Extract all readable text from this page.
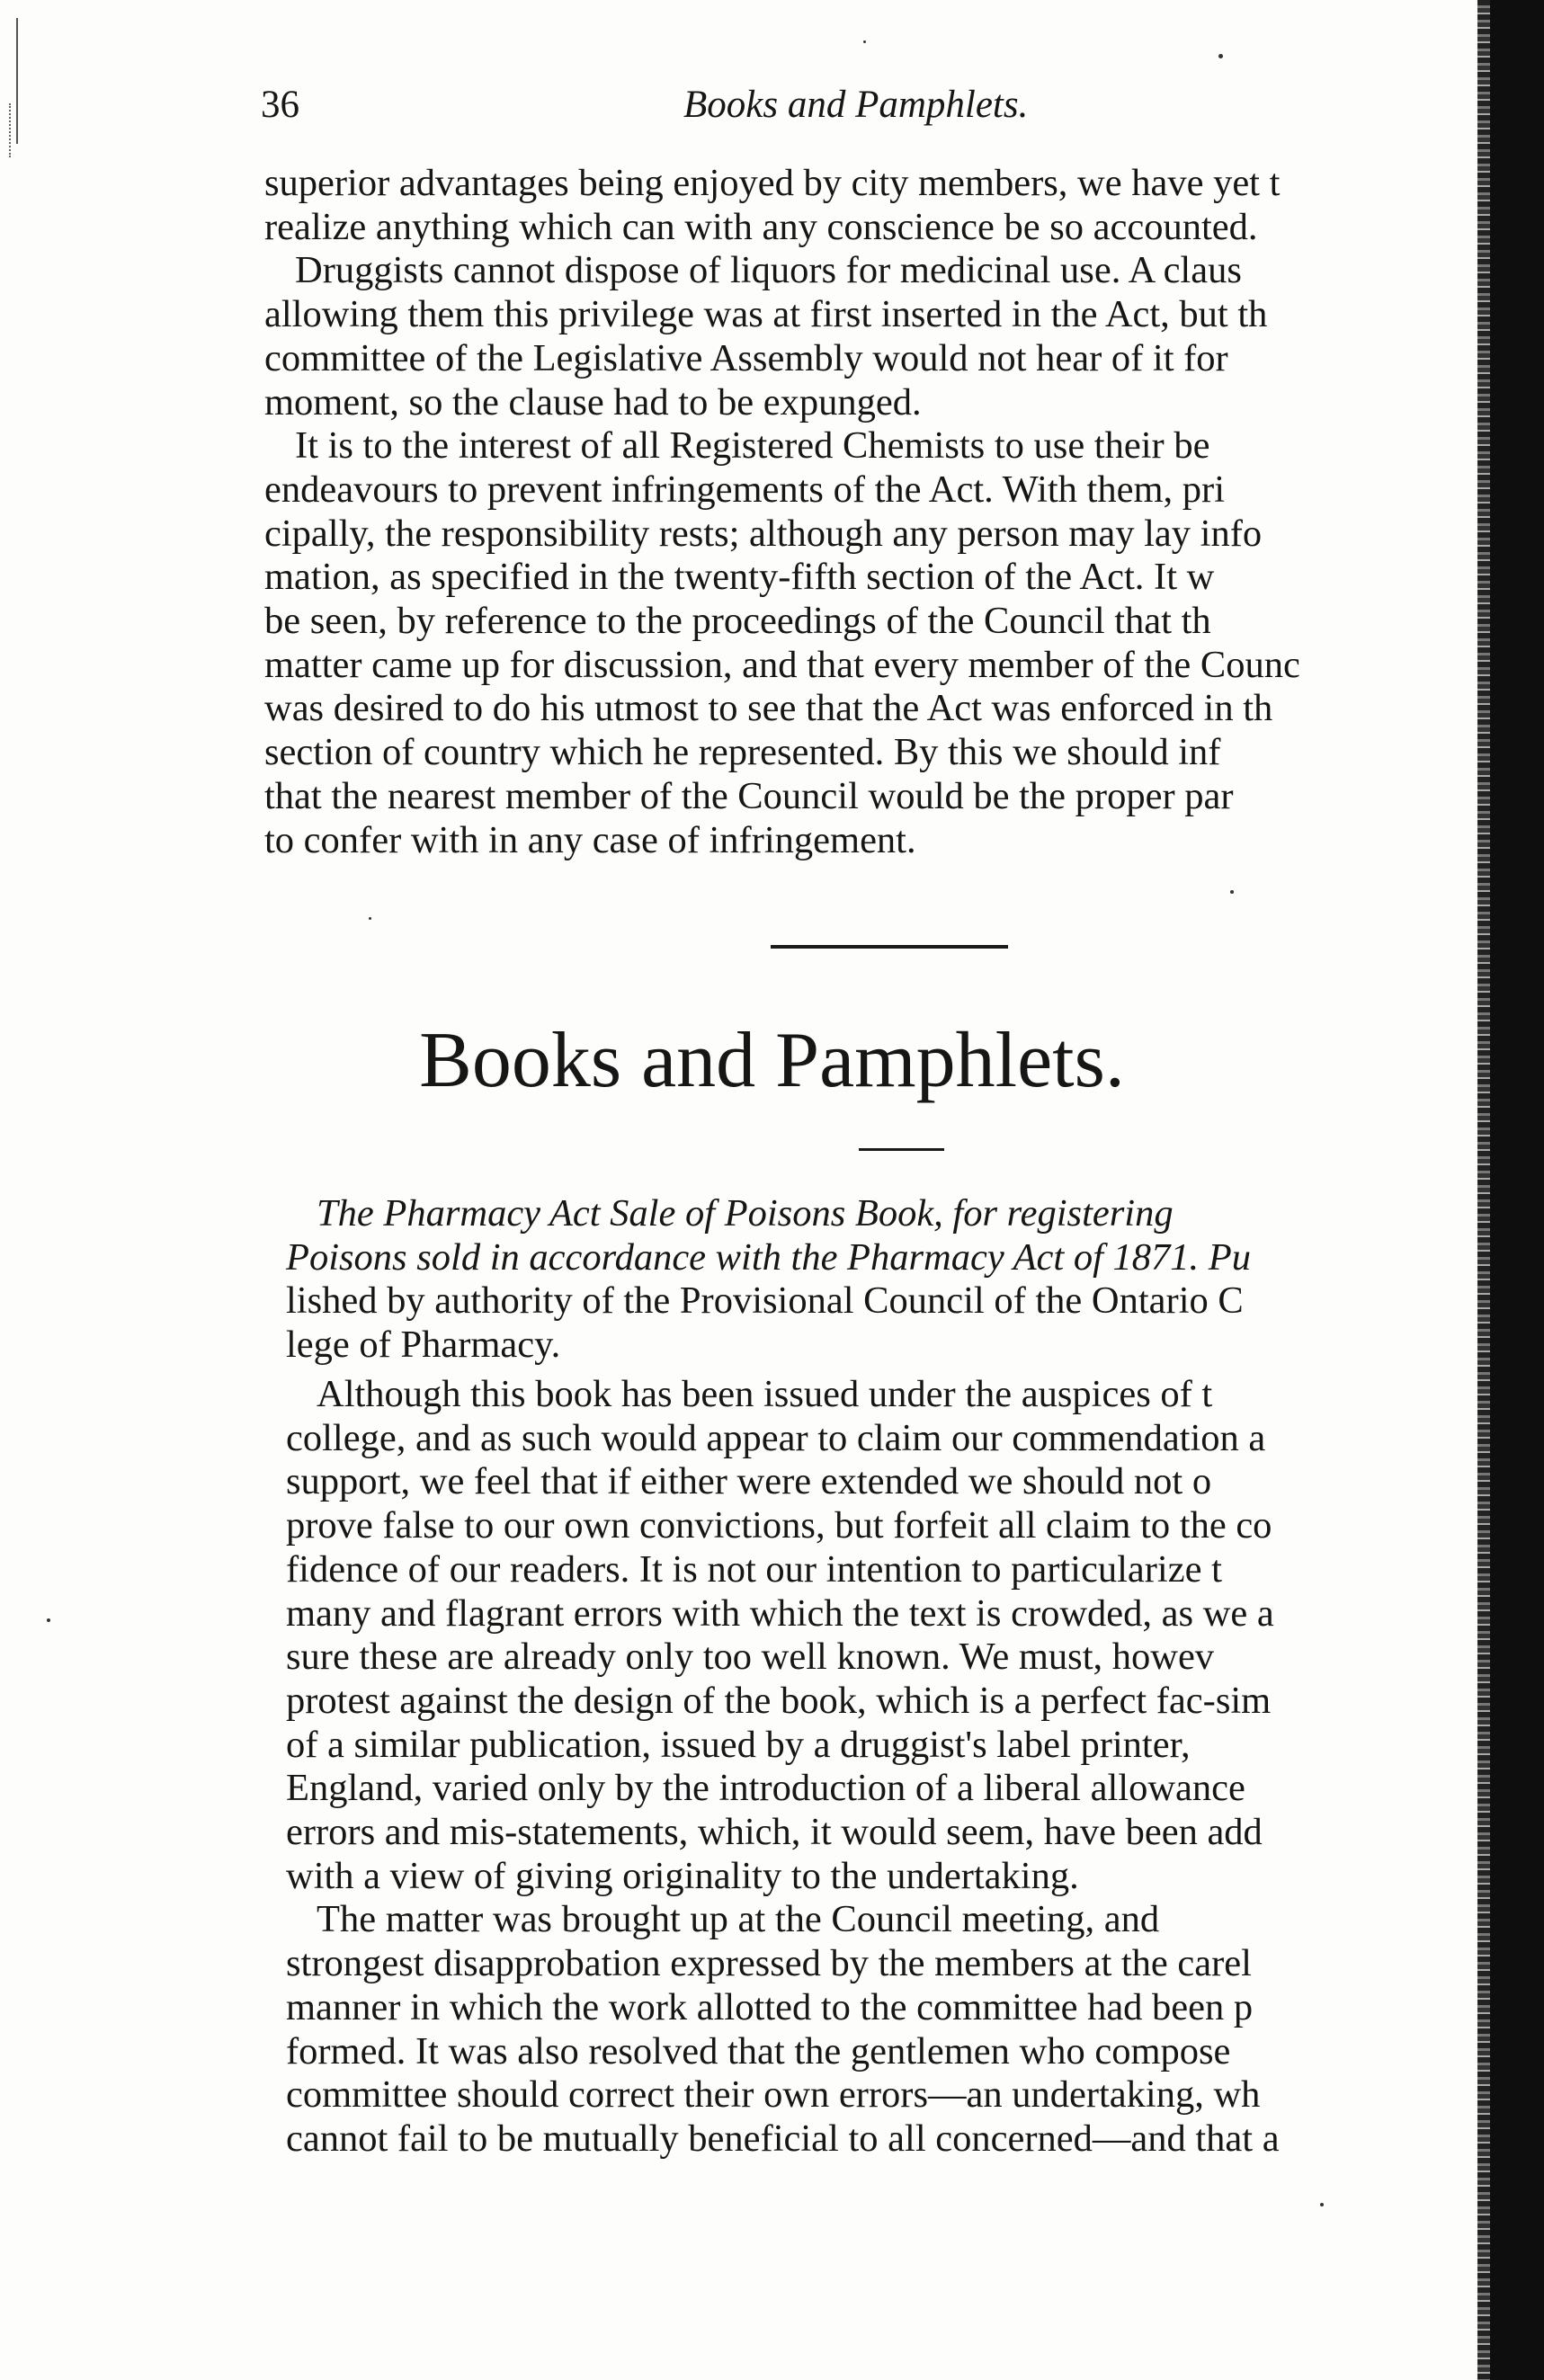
36	Books and Pamphlets.

superior advantages being enjoyed by city members, we have yet t

realize anything which can with any conscience be so accounted.

Druggists cannot dispose of liquors for medicinal use. A claus

allowing them this privilege was at first inserted in the Act, but th

committee of the Legislative Assembly would not hear of it for

moment, so the clause had to be expunged.

It is to the interest of all Registered Chemists to use their be

endeavours to prevent infringements of the Act. With them, pri

cipally, the responsibility rests; although any person may lay info

mation, as specified in the twenty-fifth section of the Act. It w

be seen, by reference to the proceedings of the Council that th

matter came up for discussion, and that every member of the Counc

was desired to do his utmost to see that the Act was enforced in th

section of country which he represented. By this we should inf

that the nearest member of the Council would be the proper par

to confer with in any case of infringement.

Books and Pamphlets.

The Pharmacy Act Sale of Poisons Book, for registering

Poisons sold in accordance with the Pharmacy Act of 1871. Pu

lished by authority of the Provisional Council of the Ontario C

lege of Pharmacy.

Although this book has been issued under the auspices of t

college, and as such would appear to claim our commendation a

support, we feel that if either were extended we should not o

prove false to our own convictions, but forfeit all claim to the co

fidence of our readers. It is not our intention to particularize t

many and flagrant errors with which the text is crowded, as we a

sure these are already only too well known. We must, howev

protest against the design of the book, which is a perfect fac-sim

of a similar publication, issued by a druggist's label printer,

England, varied only by the introduction of a liberal allowance

errors and mis-statements, which, it would seem, have been add

with a view of giving originality to the undertaking.

The matter was brought up at the Council meeting, and

strongest disapprobation expressed by the members at the carel

manner in which the work allotted to the committee had been p

formed. It was also resolved that the gentlemen who compose

committee should correct their own errors—an undertaking, wh

cannot fail to be mutually beneficial to all concerned—and that a
